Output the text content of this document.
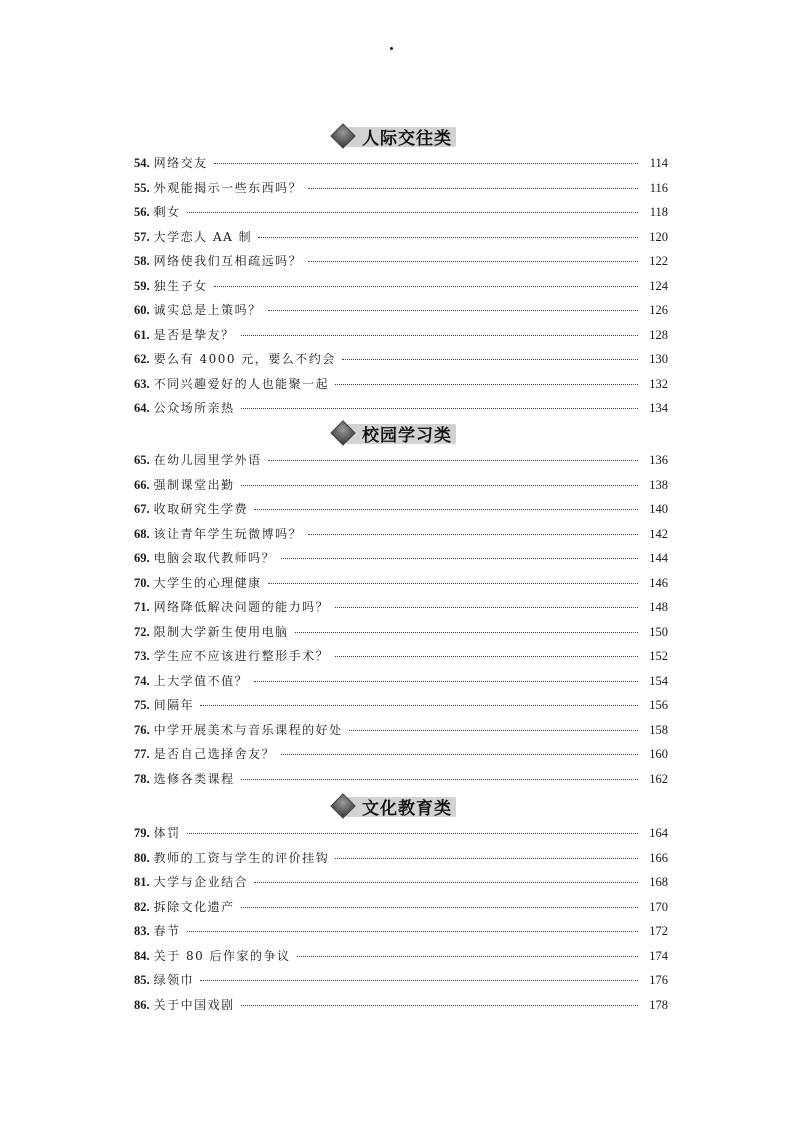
人际交往类
54. 网络交友	114
55. 外观能揭示一些东西吗？	116
56. 剩女	118
57. 大学恋人 AA 制	120
58. 网络使我们互相疏远吗？	122
59. 独生子女	124
60. 诚实总是上策吗？	126
61. 是否是挚友？	128
62. 要么有 4000 元，要么不约会	130
63. 不同兴趣爱好的人也能聚一起	132
64. 公众场所亲热	134
校园学习类
65. 在幼儿园里学外语	136
66. 强制课堂出勤	138
67. 收取研究生学费	140
68. 该让青年学生玩微博吗？	142
69. 电脑会取代教师吗？	144
70. 大学生的心理健康	146
71. 网络降低解决问题的能力吗？	148
72. 限制大学新生使用电脑	150
73. 学生应不应该进行整形手术？	152
74. 上大学值不值？	154
75. 间隔年	156
76. 中学开展美术与音乐课程的好处	158
77. 是否自己选择舍友？	160
78. 选修各类课程	162
文化教育类
79. 体罚	164
80. 教师的工资与学生的评价挂钩	166
81. 大学与企业结合	168
82. 拆除文化遗产	170
83. 春节	172
84. 关于 80 后作家的争议	174
85. 绿领巾	176
86. 关于中国戏剧	178
